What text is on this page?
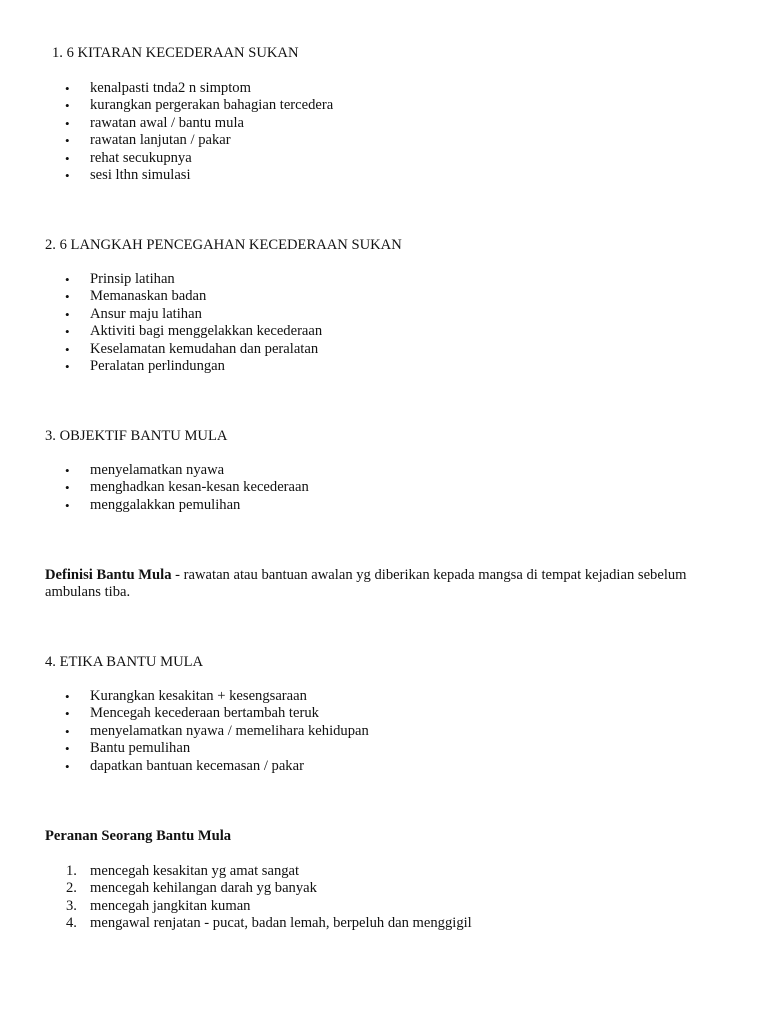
1. 6 KITARAN KECEDERAAN SUKAN

• kenalpasti tnda2 n simptom
• kurangkan pergerakan bahagian tercedera
• rawatan awal / bantu mula
• rawatan lanjutan / pakar
• rehat secukupnya
• sesi lthn simulasi

2. 6 LANGKAH PENCEGAHAN KECEDERAAN SUKAN

• Prinsip latihan
• Memanaskan badan
• Ansur maju latihan
• Aktiviti bagi menggelakkan kecederaan
• Keselamatan kemudahan dan peralatan
• Peralatan perlindungan

3. OBJEKTIF BANTU MULA

• menyelamatkan nyawa
• menghadkan kesan-kesan kecederaan
• menggalakkan pemulihan

Definisi Bantu Mula - rawatan atau bantuan awalan yg diberikan kepada mangsa di tempat kejadian sebelum ambulans tiba.

4. ETIKA BANTU MULA

• Kurangkan kesakitan + kesengsaraan
• Mencegah kecederaan bertambah teruk
• menyelamatkan nyawa / memelihara kehidupan
• Bantu pemulihan
• dapatkan bantuan kecemasan / pakar

Peranan Seorang Bantu Mula

1. mencegah kesakitan yg amat sangat
2. mencegah kehilangan darah yg banyak
3. mencegah jangkitan kuman
4. mengawal renjatan - pucat, badan lemah, berpeluh dan menggigil
